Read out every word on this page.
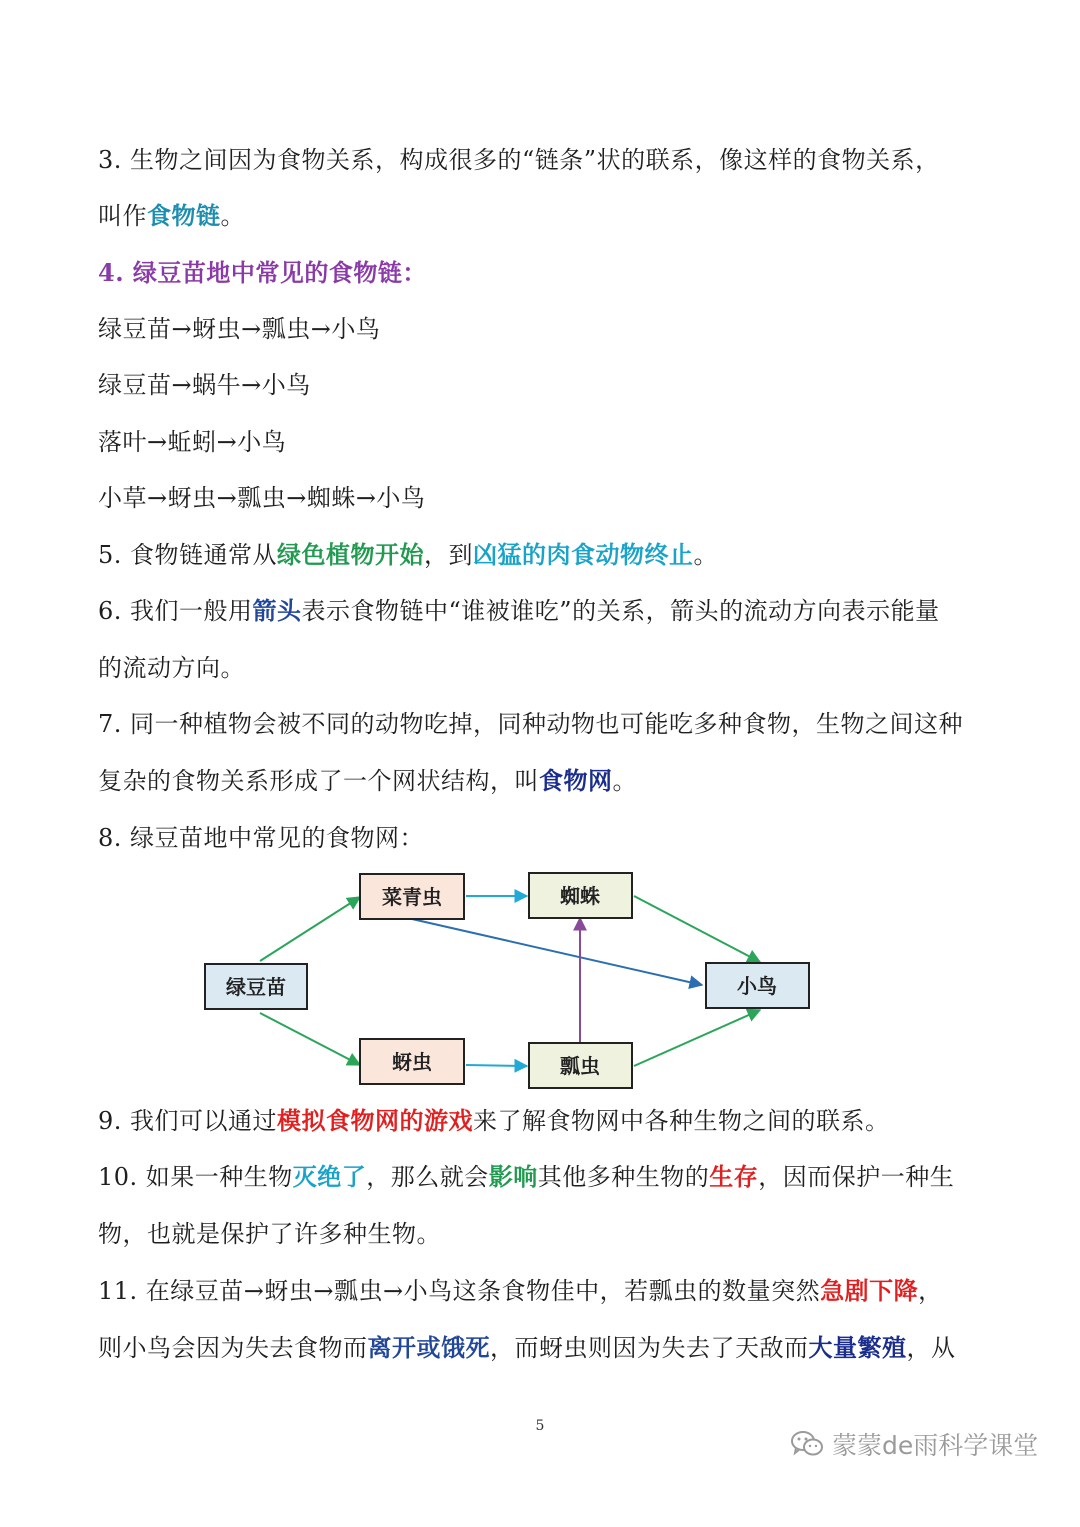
3. 生物之间因为食物关系，构成很多的“链条”状的联系，像这样的食物关系，
叫作食物链。
4. 绿豆苗地中常见的食物链：
绿豆苗→蚜虫→瓢虫→小鸟
绿豆苗→蜗牛→小鸟
落叶→蚯蚓→小鸟
小草→蚜虫→瓢虫→蜘蛛→小鸟
5. 食物链通常从绿色植物开始，到凶猛的肉食动物终止。
6. 我们一般用箭头表示食物链中“谁被谁吃”的关系，箭头的流动方向表示能量
的流动方向。
7. 同一种植物会被不同的动物吃掉，同种动物也可能吃多种食物，生物之间这种
复杂的食物关系形成了一个网状结构，叫食物网。
8. 绿豆苗地中常见的食物网：
绿豆苗
菜青虫	蜘蛛
小鸟
蚜虫	瓢虫
9. 我们可以通过模拟食物网的游戏来了解食物网中各种生物之间的联系。
10. 如果一种生物灭绝了，那么就会影响其他多种生物的生存，因而保护一种生
物，也就是保护了许多种生物。
11. 在绿豆苗→蚜虫→瓢虫→小鸟这条食物佳中，若瓢虫的数量突然急剧下降，
则小鸟会因为失去食物而离开或饿死，而蚜虫则因为失去了天敌而大量繁殖，从
5
蒙蒙de雨科学课堂
